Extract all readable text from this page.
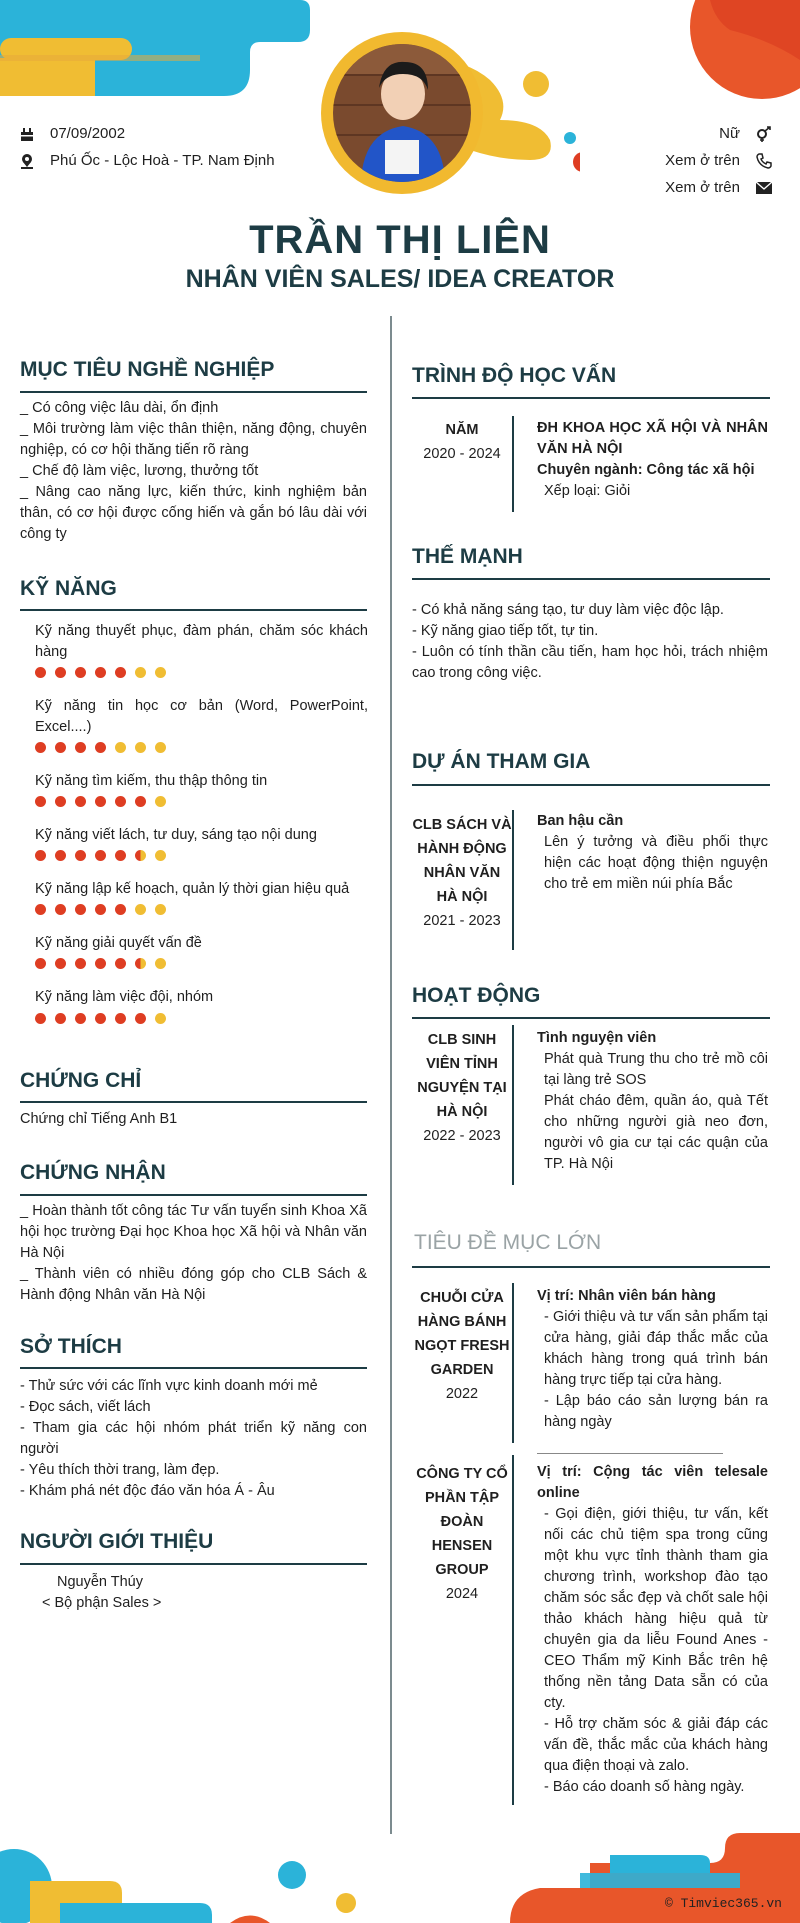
07/09/2002
Phú Ốc - Lộc Hoà - TP. Nam Định
Nữ
Xem ở trên
Xem ở trên
TRẦN THỊ LIÊN
NHÂN VIÊN SALES/ IDEA CREATOR
MỤC TIÊU NGHỀ NGHIỆP
_ Có công việc lâu dài, ổn định
_ Môi trường làm việc thân thiện, năng động, chuyên nghiệp, có cơ hội thăng tiến rõ ràng
_ Chế độ làm việc, lương, thưởng tốt
_ Nâng cao năng lực, kiến thức, kinh nghiệm bản thân, có cơ hội được cống hiến và gắn bó lâu dài với công ty
KỸ NĂNG
Kỹ năng thuyết phục, đàm phán, chăm sóc khách hàng
Kỹ năng tin học cơ bản (Word, PowerPoint, Excel....)
Kỹ năng tìm kiếm, thu thập thông tin
Kỹ năng viết lách, tư duy, sáng tạo nội dung
Kỹ năng lập kế hoạch, quản lý thời gian hiệu quả
Kỹ năng giải quyết vấn đề
Kỹ năng làm việc đội, nhóm
CHỨNG CHỈ
Chứng chỉ Tiếng Anh B1
CHỨNG NHẬN
_ Hoàn thành tốt công tác Tư vấn tuyển sinh Khoa Xã hội học trường Đại học Khoa học Xã hội và Nhân văn Hà Nội
_ Thành viên có nhiều đóng góp cho CLB Sách & Hành động Nhân văn Hà Nội
SỞ THÍCH
- Thử sức với các lĩnh vực kinh doanh mới mẻ
- Đọc sách, viết lách
- Tham gia các hội nhóm phát triển kỹ năng con người
- Yêu thích thời trang, làm đẹp.
- Khám phá nét độc đáo văn hóa Á - Âu
NGƯỜI GIỚI THIỆU
Nguyễn Thúy
< Bộ phận Sales >
TRÌNH ĐỘ HỌC VẤN
NĂM
2020 - 2024
ĐH KHOA HỌC XÃ HỘI VÀ NHÂN VĂN HÀ NỘI
Chuyên ngành: Công tác xã hội
Xếp loại: Giỏi
THẾ MẠNH
- Có khả năng sáng tạo, tư duy làm việc độc lập.
- Kỹ năng giao tiếp tốt, tự tin.
- Luôn có tính thần cầu tiến, ham học hỏi, trách nhiệm cao trong công việc.
DỰ ÁN THAM GIA
CLB SÁCH VÀ HÀNH ĐỘNG NHÂN VĂN HÀ NỘI
2021 - 2023
Ban hậu cần
Lên ý tưởng và điều phối thực hiện các hoạt động thiện nguyện cho trẻ em miền núi phía Bắc
HOẠT ĐỘNG
CLB SINH VIÊN TỈNH NGUYỆN TẠI HÀ NỘI
2022 - 2023
Tình nguyện viên
Phát quà Trung thu cho trẻ mồ côi tại làng trẻ SOS
Phát cháo đêm, quần áo, quà Tết cho những người già neo đơn, người vô gia cư tại các quận của TP. Hà Nội
TIÊU ĐỀ MỤC LỚN
CHUỖI CỬA HÀNG BÁNH NGỌT FRESH GARDEN
2022
Vị trí: Nhân viên bán hàng
- Giới thiệu và tư vấn sản phẩm tại cửa hàng, giải đáp thắc mắc của khách hàng trong quá trình bán hàng trực tiếp tại cửa hàng.
- Lập báo cáo sản lượng bán ra hàng ngày
CÔNG TY CỔ PHẦN TẬP ĐOÀN HENSEN GROUP
2024
Vị trí: Cộng tác viên telesale online
- Gọi điện, giới thiệu, tư vấn, kết nối các chủ tiệm spa trong cũng một khu vực tỉnh thành tham gia chương trình, workshop đào tạo chăm sóc sắc đẹp và chốt sale hội thảo khách hàng hiệu quả từ chuyên gia da liễu Found Anes - CEO Thẩm mỹ Kinh Bắc trên hệ thống nền tảng Data sẵn có của cty.
- Hỗ trợ chăm sóc & giải đáp các vấn đề, thắc mắc của khách hàng qua điện thoại và zalo.
- Báo cáo doanh số hàng ngày.
© Timviec365.vn
